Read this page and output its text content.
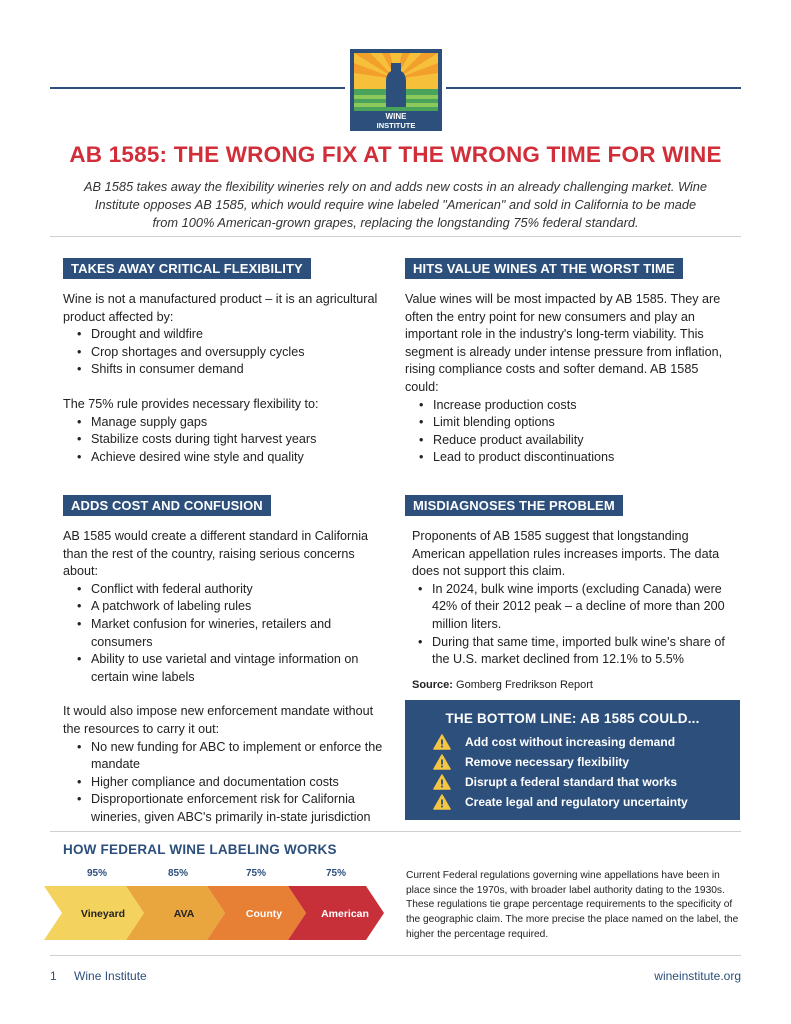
WINE
INSTITUTE
AB 1585: THE WRONG FIX AT THE WRONG TIME FOR WINE
AB 1585 takes away the flexibility wineries rely on and adds new costs in an already challenging market. Wine Institute opposes AB 1585, which would require wine labeled "American" and sold in California to be made from 100% American-grown grapes, replacing the longstanding 75% federal standard.
TAKES AWAY CRITICAL FLEXIBILITY

Wine is not a manufactured product – it is an agricultural product affected by:

• Drought and wildfire
• Crop shortages and oversupply cycles
• Shifts in consumer demand

The 75% rule provides necessary flexibility to:

• Manage supply gaps
• Stabilize costs during tight harvest years
• Achieve desired wine style and quality
HITS VALUE WINES AT THE WORST TIME

Value wines will be most impacted by AB 1585. They are often the entry point for new consumers and play an important role in the industry's long-term viability. This segment is already under intense pressure from inflation, rising compliance costs and softer demand. AB 1585 could:

• Increase production costs
• Limit blending options
• Reduce product availability
• Lead to product discontinuations
ADDS COST AND CONFUSION

AB 1585 would create a different standard in California than the rest of the country, raising serious concerns about:

• Conflict with federal authority
• A patchwork of labeling rules
• Market confusion for wineries, retailers and consumers
• Ability to use varietal and vintage information on certain wine labels

It would also impose new enforcement mandate without the resources to carry it out:

• No new funding for ABC to implement or enforce the mandate
• Higher compliance and documentation costs
• Disproportionate enforcement risk for California wineries, given ABC's primarily in-state jurisdiction
MISDIAGNOSES THE PROBLEM

Proponents of AB 1585 suggest that longstanding American appellation rules increases imports. The data does not support this claim.

• In 2024, bulk wine imports (excluding Canada) were 42% of their 2012 peak – a decline of more than 200 million liters.
• During that same time, imported bulk wine's share of the U.S. market declined from 12.1% to 5.5%
Source: Gomberg Fredrikson Report
THE BOTTOM LINE: AB 1585 COULD...
Add cost without increasing demand
Remove necessary flexibility
Disrupt a federal standard that works
Create legal and regulatory uncertainty
HOW FEDERAL WINE LABELING WORKS
95%	85%	75%	75%
Vineyard	AVA	County	American
Current Federal regulations governing wine appellations have been in place since the 1970s, with broader label authority dating to the 1930s. These regulations tie grape percentage requirements to the specificity of the geographic claim. The more precise the place named on the label, the higher the percentage required.
1 Wine Institute	wineinstitute.org
